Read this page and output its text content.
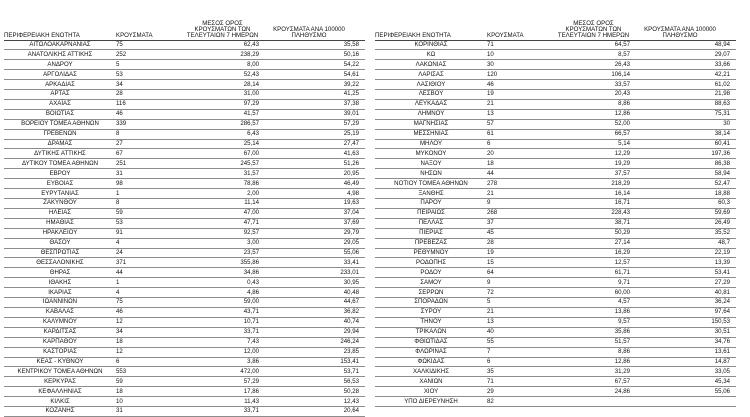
ΠΕΡΙΦΕΡΕΙΑΚΗ ΕΝΟΤΗΤΑ	ΚΡΟΥΣΜΑΤΑ	ΜΕΣΟΣ ΟΡΟΣ ΚΡΟΥΣΜΑΤΩΝ ΤΩΝ ΤΕΛΕΥΤΑΙΩΝ 7 ΗΜΕΡΩΝ	ΚΡΟΥΣΜΑΤΑ ΑΝΑ 100000 ΠΛΗΘΥΣΜΟ
ΑΙΤΩΛΟΑΚΑΡΝΑΝΙΑΣ	75	62,43	35,58
ΑΝΑΤΟΛΙΚΗΣ ΑΤΤΙΚΗΣ	252	238,29	50,16
ΑΝΔΡΟΥ	5	8,00	54,22
ΑΡΓΟΛΙΔΑΣ	53	52,43	54,61
ΑΡΚΑΔΙΑΣ	34	28,14	39,22
ΑΡΤΑΣ	28	31,00	41,25
ΑΧΑΪΑΣ	116	97,29	37,38
ΒΟΙΩΤΙΑΣ	46	41,57	39,01
ΒΟΡΕΙΟΥ ΤΟΜΕΑ ΑΘΗΝΩΝ	339	286,57	57,29
ΓΡΕΒΕΝΩΝ	8	6,43	25,19
ΔΡΑΜΑΣ	27	25,14	27,47
ΔΥΤΙΚΗΣ ΑΤΤΙΚΗΣ	67	67,00	41,63
ΔΥΤΙΚΟΥ ΤΟΜΕΑ ΑΘΗΝΩΝ	251	245,57	51,26
ΕΒΡΟΥ	31	31,57	20,95
ΕΥΒΟΙΑΣ	98	78,86	46,49
ΕΥΡΥΤΑΝΙΑΣ	1	2,00	4,98
ΖΑΚΥΝΘΟΥ	8	11,14	19,63
ΗΛΕΙΑΣ	59	47,00	37,04
ΗΜΑΘΙΑΣ	53	47,71	37,69
ΗΡΑΚΛΕΙΟΥ	91	92,57	29,79
ΘΑΣΟΥ	4	3,00	29,05
ΘΕΣΠΡΩΤΙΑΣ	24	23,57	55,06
ΘΕΣΣΑΛΟΝΙΚΗΣ	371	355,86	33,41
ΘΗΡΑΣ	44	34,86	233,01
ΙΘΑΚΗΣ	1	0,43	30,95
ΙΚΑΡΙΑΣ	4	4,86	40,48
ΙΩΑΝΝΙΝΩΝ	75	59,00	44,67
ΚΑΒΑΛΑΣ	46	43,71	36,82
ΚΑΛΥΜΝΟΥ	12	10,71	40,74
ΚΑΡΔΙΤΣΑΣ	34	33,71	29,94
ΚΑΡΠΑΘΟΥ	18	7,43	246,24
ΚΑΣΤΟΡΙΑΣ	12	12,00	23,85
ΚΕΑΣ - ΚΥΘΝΟΥ	6	3,86	153,41
ΚΕΝΤΡΙΚΟΥ ΤΟΜΕΑ ΑΘΗΝΩΝ	553	472,00	53,71
ΚΕΡΚΥΡΑΣ	59	57,29	56,53
ΚΕΦΑΛΛΗΝΙΑΣ	18	17,86	50,28
ΚΙΛΚΙΣ	10	11,43	12,43
ΚΟΖΑΝΗΣ	31	33,71	20,64
ΠΕΡΙΦΕΡΕΙΑΚΗ ΕΝΟΤΗΤΑ	ΚΡΟΥΣΜΑΤΑ	ΜΕΣΟΣ ΟΡΟΣ ΚΡΟΥΣΜΑΤΩΝ ΤΩΝ ΤΕΛΕΥΤΑΙΩΝ 7 ΗΜΕΡΩΝ	ΚΡΟΥΣΜΑΤΑ ΑΝΑ 100000 ΠΛΗΘΥΣΜΟ
ΚΟΡΙΝΘΙΑΣ	71	64,57	48,94
ΚΩ	10	8,57	29,07
ΛΑΚΩΝΙΑΣ	30	26,43	33,66
ΛΑΡΙΣΑΣ	120	106,14	42,21
ΛΑΣΙΘΙΟΥ	46	33,57	61,02
ΛΕΣΒΟΥ	19	20,43	21,98
ΛΕΥΚΑΔΑΣ	21	8,86	88,63
ΛΗΜΝΟΥ	13	12,86	75,31
ΜΑΓΝΗΣΙΑΣ	57	52,00	30
ΜΕΣΣΗΝΙΑΣ	61	66,57	38,14
ΜΗΛΟΥ	6	5,14	60,41
ΜΥΚΟΝΟΥ	20	12,29	197,36
ΝΑΞΟΥ	18	19,29	86,38
ΝΗΣΩΝ	44	37,57	58,94
ΝΟΤΙΟΥ ΤΟΜΕΑ ΑΘΗΝΩΝ	278	218,29	52,47
ΞΑΝΘΗΣ	21	16,14	18,88
ΠΑΡΟΥ	9	16,71	60,3
ΠΕΙΡΑΙΩΣ	268	228,43	59,69
ΠΕΛΛΑΣ	37	38,71	26,49
ΠΙΕΡΙΑΣ	45	50,29	35,52
ΠΡΕΒΕΖΑΣ	28	27,14	48,7
ΡΕΘΥΜΝΟΥ	19	16,29	22,19
ΡΟΔΟΠΗΣ	15	12,57	13,39
ΡΟΔΟΥ	64	61,71	53,41
ΣΑΜΟΥ	9	9,71	27,29
ΣΕΡΡΩΝ	72	60,00	40,81
ΣΠΟΡΑΔΩΝ	5	4,57	36,24
ΣΥΡΟΥ	21	13,86	97,64
ΤΗΝΟΥ	13	9,57	150,53
ΤΡΙΚΑΛΩΝ	40	35,86	30,51
ΦΘΙΩΤΙΔΑΣ	55	51,57	34,76
ΦΛΩΡΙΝΑΣ	7	8,86	13,61
ΦΩΚΙΔΑΣ	6	12,86	14,87
ΧΑΛΚΙΔΙΚΗΣ	35	31,29	33,05
ΧΑΝΙΩΝ	71	67,57	45,34
ΧΙΟΥ	29	24,86	55,06
ΥΠΟ ΔΙΕΡΕΥΝΗΣΗ	82		
